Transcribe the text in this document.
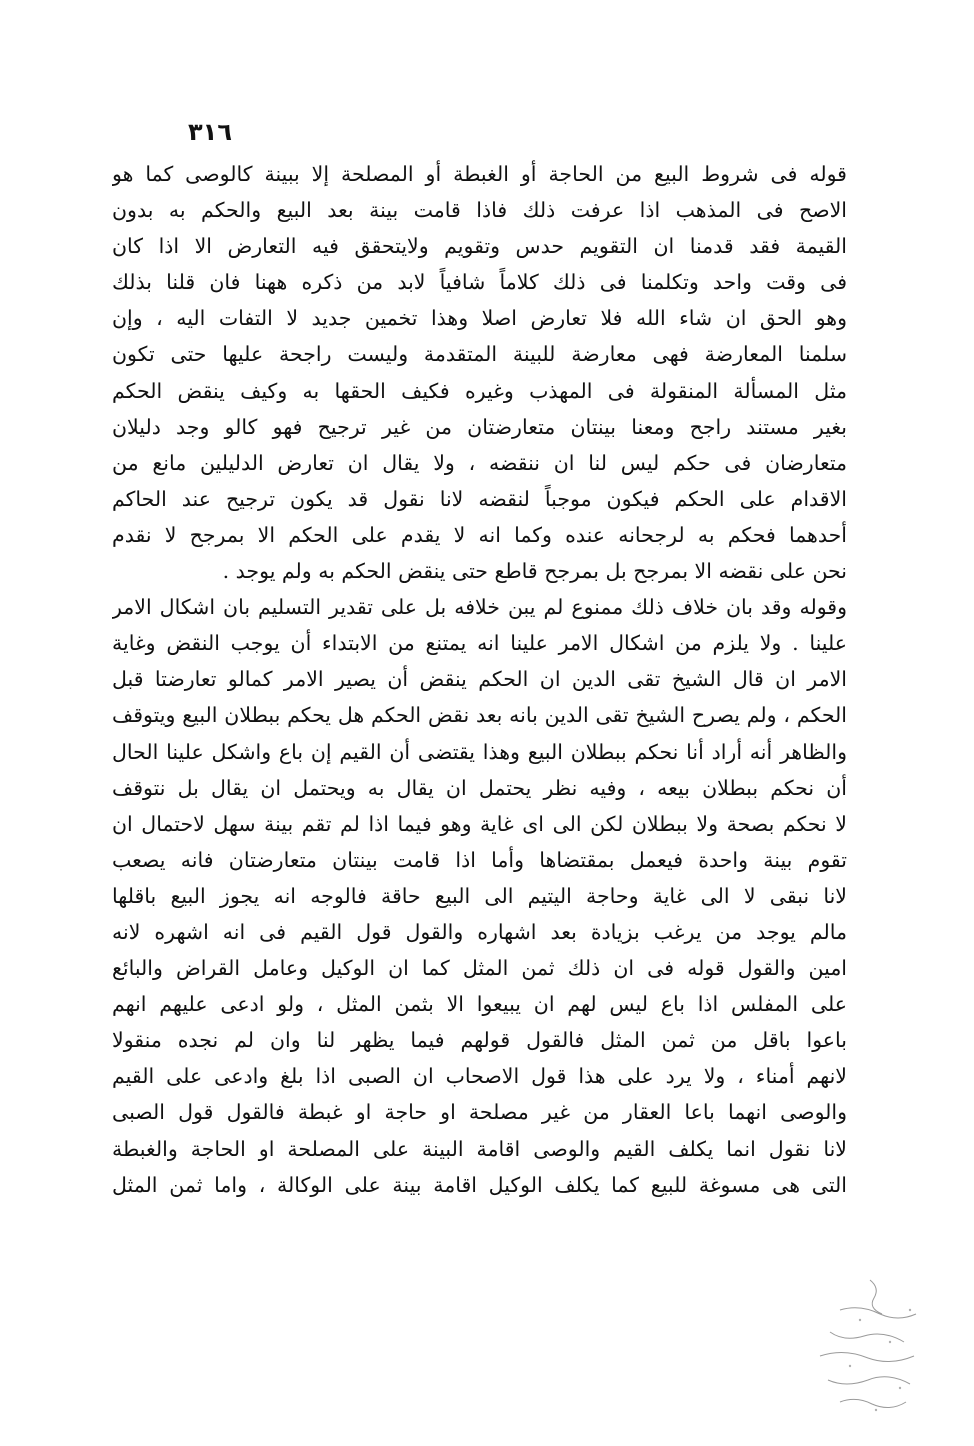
٣١٦
قوله فى شروط البيع من الحاجة أو الغبطة أو المصلحة إلا ببينة كالوصى كما هو
الاصح فى المذهب اذا عرفت ذلك فاذا قامت بينة بعد البيع والحكم به بدون
القيمة فقد قدمنا ان التقويم حدس وتقويم ولايتحقق فيه التعارض الا اذا كان
فى وقت واحد وتكلمنا فى ذلك كلاماً شافياً لابد من ذكره ههنا فان قلنا بذلك
وهو الحق ان شاء الله فلا تعارض اصلا وهذا تخمين جديد لا التفات اليه ، وإن
سلمنا المعارضة فهى معارضة للبينة المتقدمة وليست راجحة عليها حتى تكون
مثل المسألة المنقولة فى المهذب وغيره فكيف الحقها به وكيف ينقض الحكم
بغير مستند راجح ومعنا بينتان متعارضتان من غير ترجيح فهو كالو وجد دليلان
متعارضان فى حكم ليس لنا ان ننقضه ، ولا يقال ان تعارض الدليلين مانع من
الاقدام على الحكم فيكون موجباً لنقضه لانا نقول قد يكون ترجيح عند الحاكم
أحدهما فحكم به لرجحانه عنده وكما انه لا يقدم على الحكم الا بمرجح لا نقدم
نحن على نقضه الا بمرجح بل بمرجح قاطع حتى ينقض الحكم به ولم يوجد .
وقوله وقد بان خلاف ذلك ممنوع لم يبن خلافه بل على تقدير التسليم بان اشكال الامر
علينا . ولا يلزم من اشكال الامر علينا انه يمتنع من الابتداء أن يوجب النقض وغاية
الامر ان قال الشيخ تقى الدين ان الحكم ينقض أن يصير الامر كمالو تعارضتا قبل
الحكم ، ولم يصرح الشيخ تقى الدين بانه بعد نقض الحكم هل يحكم ببطلان البيع ويتوقف
والظاهر أنه أراد أنا نحكم ببطلان البيع وهذا يقتضى أن القيم إن باع واشكل علينا الحال
أن نحكم ببطلان بيعه ، وفيه نظر يحتمل ان يقال به ويحتمل ان يقال بل نتوقف
لا نحكم بصحة ولا ببطلان لكن الى اى غاية وهو فيما اذا لم تقم بينة سهل لاحتمال ان
تقوم بينة واحدة فيعمل بمقتضاها وأما اذا قامت بينتان متعارضتان فانه يصعب
لانا نبقى لا الى غاية وحاجة اليتيم الى البيع حاقة فالوجه انه يجوز البيع باقلها
مالم يوجد من يرغب بزيادة بعد اشهاره والقول قول القيم فى انه اشهره لانه
امين والقول قوله فى ان ذلك ثمن المثل كما ان الوكيل وعامل القراض والبائع
على المفلس اذا باع ليس لهم ان يبيعوا الا بثمن المثل ، ولو ادعى عليهم انهم
باعوا باقل من ثمن المثل فالقول قولهم فيما يظهر لنا وان لم نجده منقولا
لانهم أمناء ، ولا يرد على هذا قول الاصحاب ان الصبى اذا بلغ وادعى على القيم
والوصى انهما باعا العقار من غير مصلحة او حاجة او غبطة فالقول قول الصبى
لانا نقول انما يكلف القيم والوصى اقامة البينة على المصلحة او الحاجة والغبطة
التى هى مسوغة للبيع كما يكلف الوكيل اقامة بينة على الوكالة ، واما ثمن المثل
